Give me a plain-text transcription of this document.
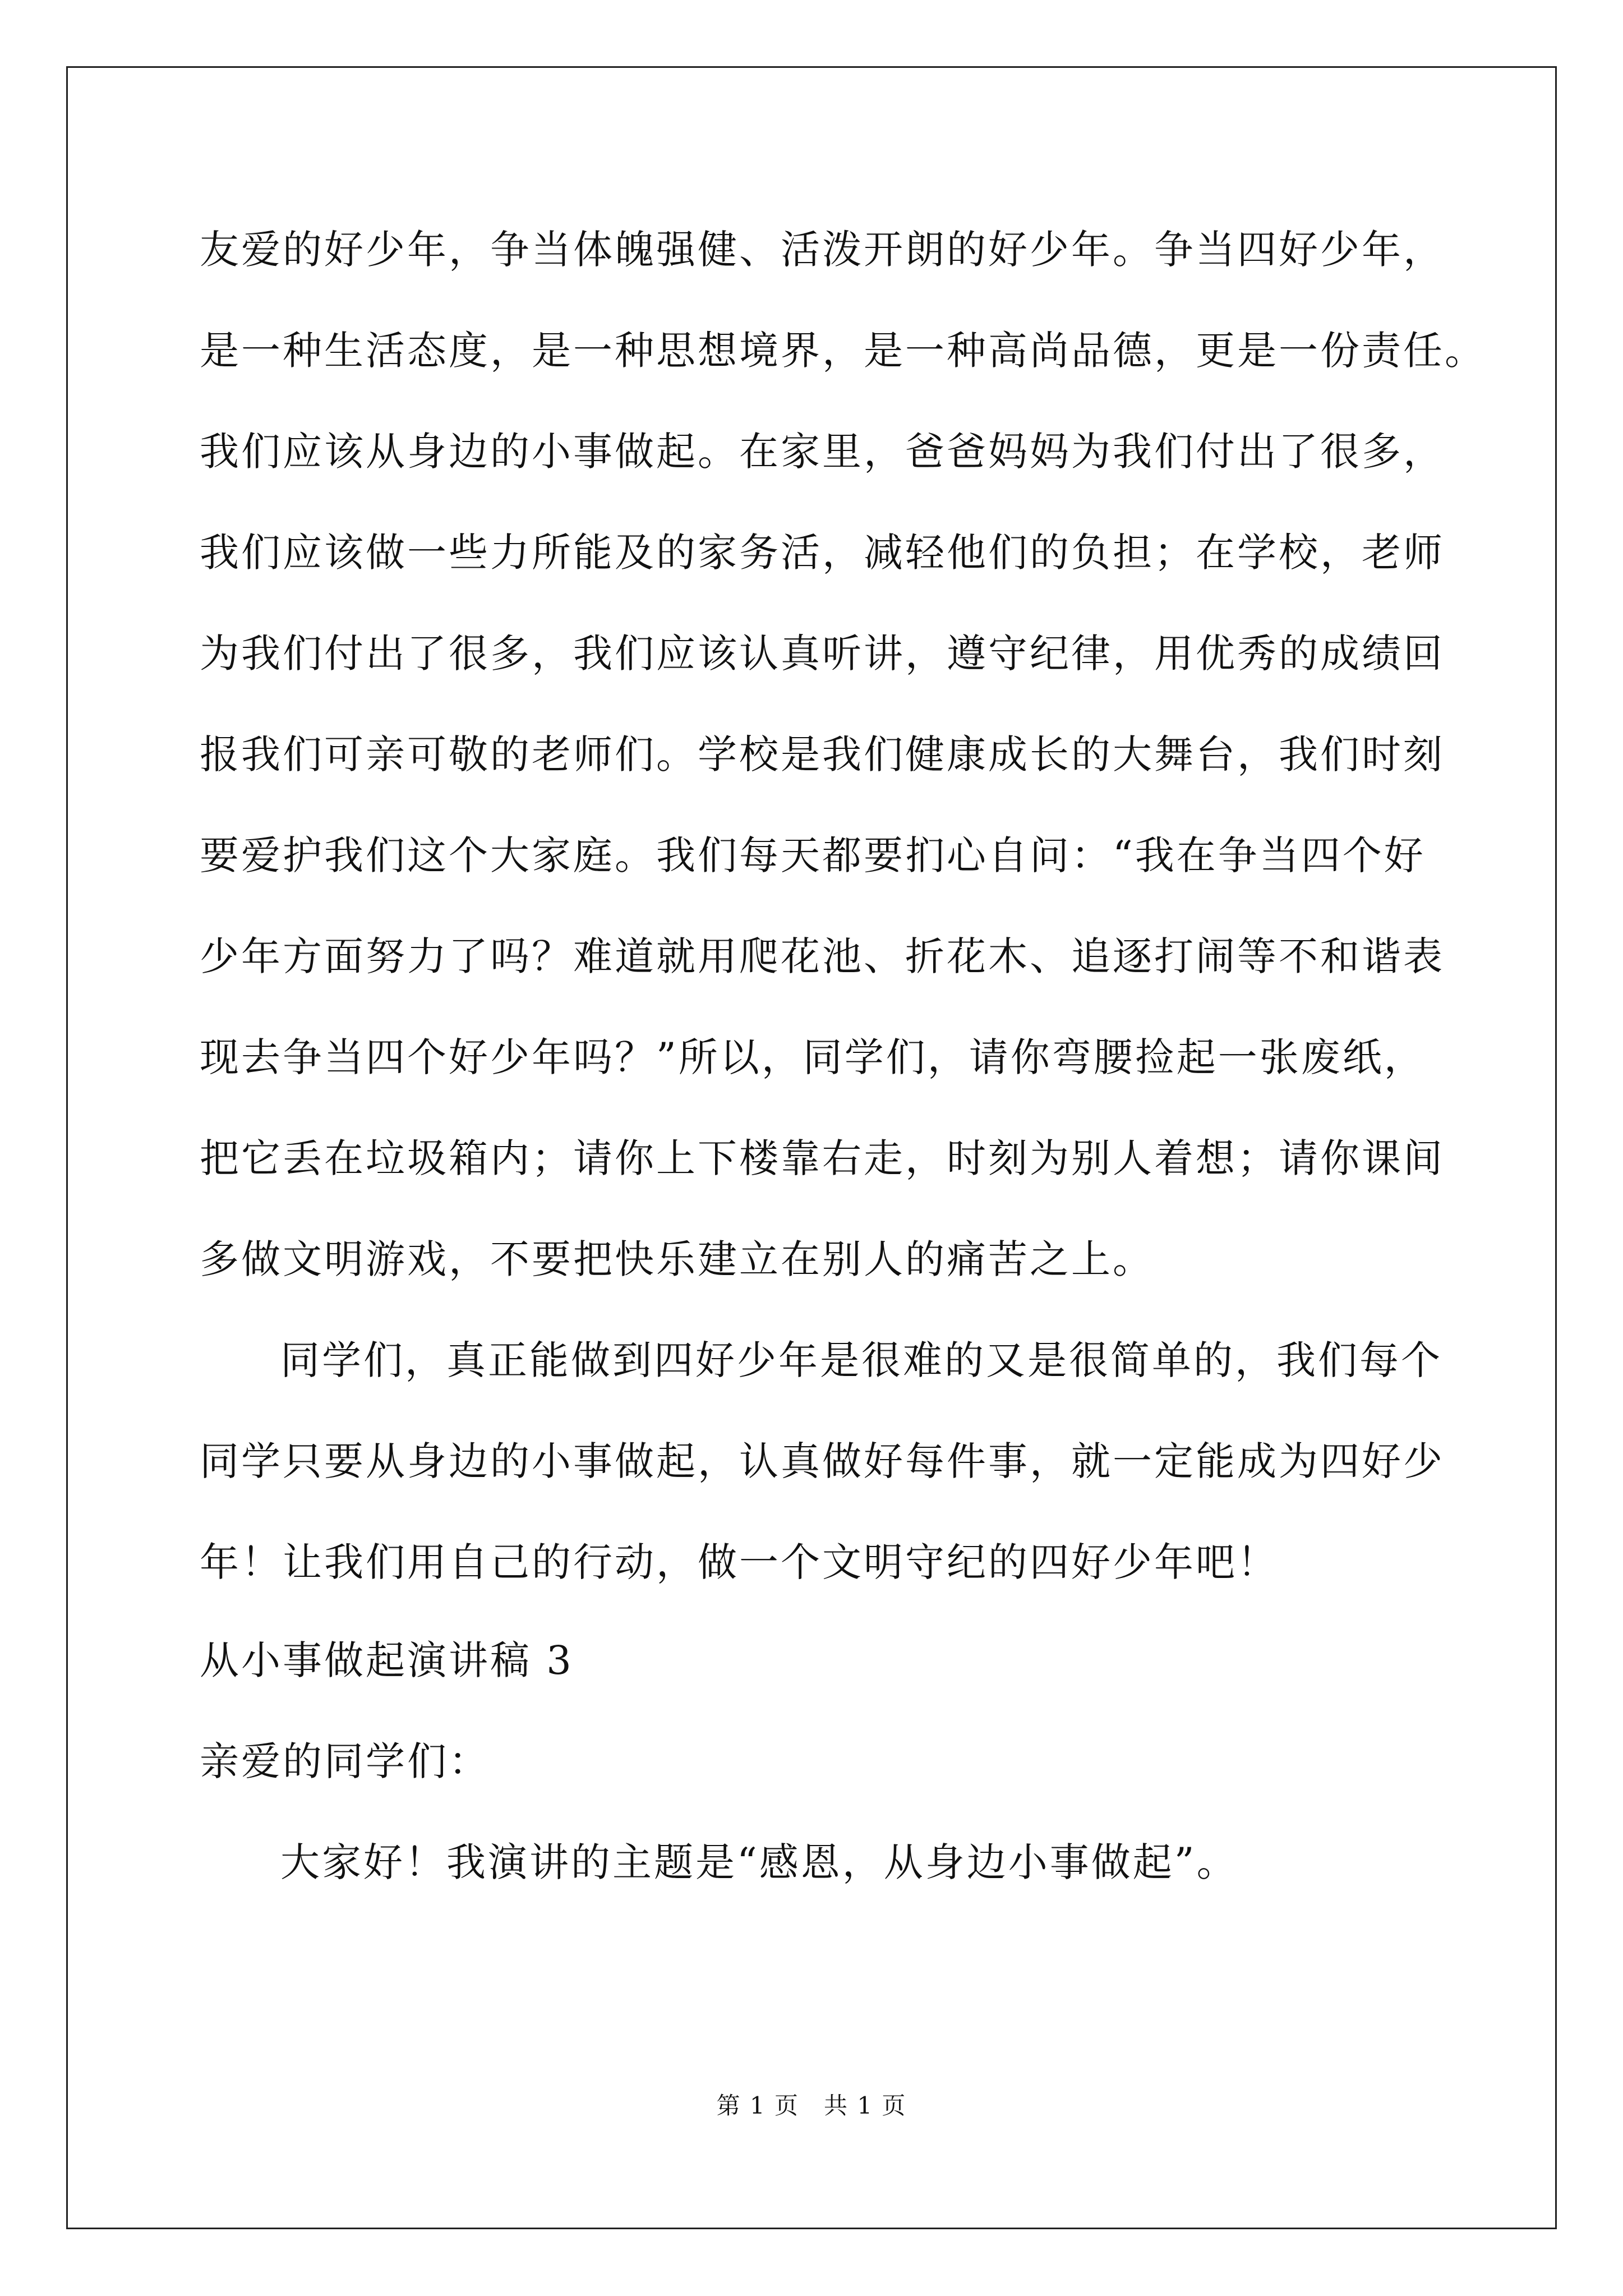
友爱的好少年，争当体魄强健、活泼开朗的好少年。争当四好少年，

是一种生活态度，是一种思想境界，是一种高尚品德，更是一份责任。

我们应该从身边的小事做起。在家里，爸爸妈妈为我们付出了很多，

我们应该做一些力所能及的家务活，减轻他们的负担；在学校，老师

为我们付出了很多，我们应该认真听讲，遵守纪律，用优秀的成绩回

报我们可亲可敬的老师们。学校是我们健康成长的大舞台，我们时刻

要爱护我们这个大家庭。我们每天都要扪心自问：“我在争当四个好

少年方面努力了吗？难道就用爬花池、折花木、追逐打闹等不和谐表

现去争当四个好少年吗？”所以，同学们，请你弯腰捡起一张废纸，

把它丢在垃圾箱内；请你上下楼靠右走，时刻为别人着想；请你课间

多做文明游戏，不要把快乐建立在别人的痛苦之上。

同学们，真正能做到四好少年是很难的又是很简单的，我们每个

同学只要从身边的小事做起，认真做好每件事，就一定能成为四好少

年！让我们用自己的行动，做一个文明守纪的四好少年吧！

从小事做起演讲稿 3

亲爱的同学们：

大家好！我演讲的主题是“感恩，从身边小事做起”。

第 1 页　共 1 页
